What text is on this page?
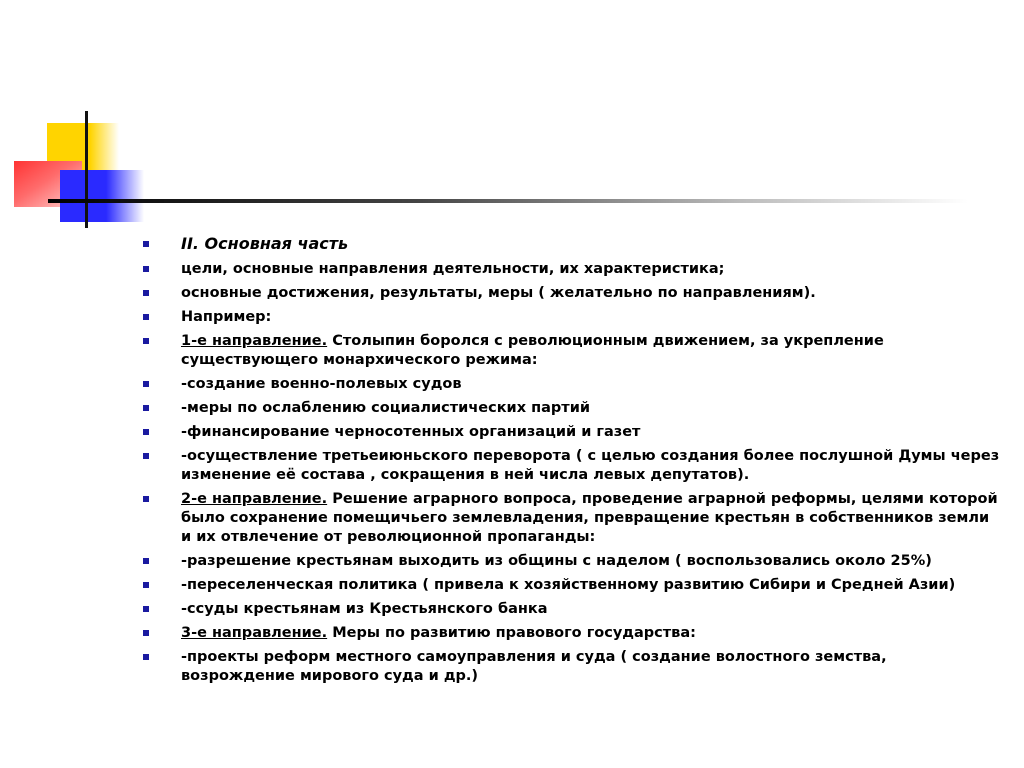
II. Основная часть
цели, основные направления деятельности, их характеристика;
основные достижения, результаты, меры ( желательно по направлениям).
Например:
1-е направление. Столыпин боролся с революционным движением, за укрепление существующего монархического режима:
-создание военно-полевых судов
-меры по ослаблению социалистических партий
-финансирование черносотенных организаций и газет
-осуществление третьеиюньского переворота ( с целью создания более послушной Думы через изменение её состава , сокращения в ней числа левых депутатов).
2-е направление. Решение аграрного вопроса, проведение аграрной реформы, целями которой было сохранение помещичьего землевладения, превращение крестьян в собственников земли и их отвлечение от революционной пропаганды:
-разрешение крестьянам выходить из общины с наделом ( воспользовались около 25%)
-переселенческая политика ( привела к хозяйственному развитию Сибири и Средней Азии)
-ссуды крестьянам из Крестьянского банка
3-е направление. Меры по развитию правового государства:
-проекты реформ местного самоуправления и суда ( создание волостного земства, возрождение мирового суда и др.)
